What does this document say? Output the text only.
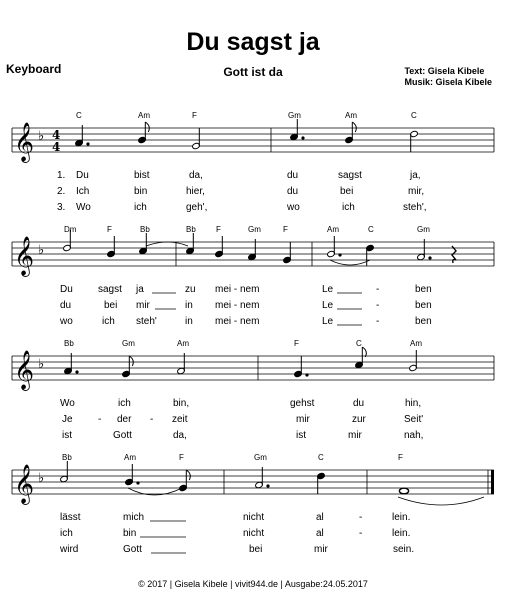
Du sagst ja
Keyboard	Gott ist da	Text: Gisela Kibele
Musik: Gisela Kibele
C	Am	F	Gm	Am	C
𝄞 ♭ 4
4
1. Du	bist	da,	du	sagst	ja,
2. Ich	bin	hier,	du	bei	mir,
3. Wo	ich	geh',	wo	ich	steh',
Dm	F	Bb	Bb	F	Gm	F	Am	C	Gm
𝄞 ♭
Du	sagst ja	zu mei - nem	Le	-	ben
du	bei mir	in mei - nem	Le	-	ben
wo	ich steh'	in mei - nem	Le	-	ben
Bb	Gm	Am	F	C	Am
𝄞 ♭
Wo	ich	bin,	gehst	du	hin,
Je	- der - zeit	mir	zur	Seit'
ist	Gott	da,	ist	mir	nah,
Bb	Am	F	Gm	C	F
𝄞 ♭
lässt	mich	nicht	al	-	lein.
ich	bin	nicht	al	-	lein.
wird	Gott	bei	mir	sein.
© 2017 | Gisela Kibele | vivit944.de | Ausgabe:24.05.2017
